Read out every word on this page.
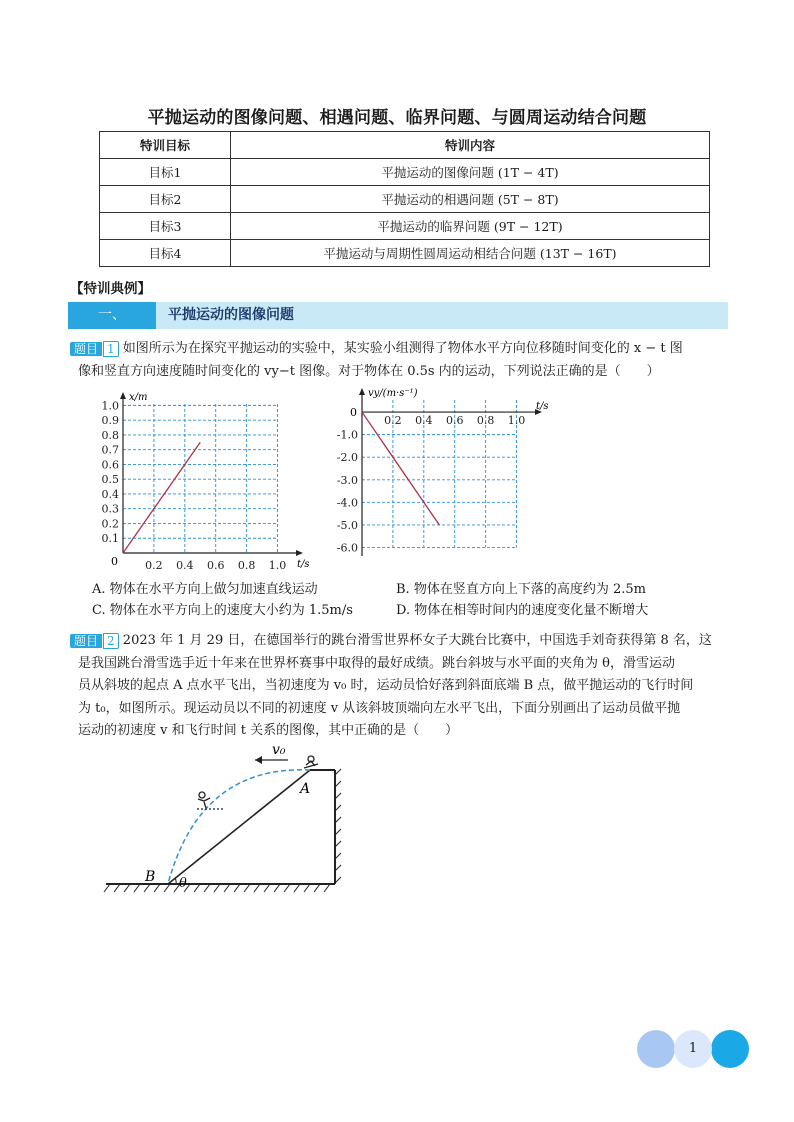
平抛运动的图像问题、相遇问题、临界问题、与圆周运动结合问题
特训目标	特训内容
目标1	平抛运动的图像问题 (1T − 4T)
目标2	平抛运动的相遇问题 (5T − 8T)
目标3	平抛运动的临界问题 (9T − 12T)
目标4	平抛运动与周期性圆周运动相结合问题 (13T − 16T)
【特训典例】
一、	平抛运动的图像问题
题目 1 如图所示为在探究平抛运动的实验中，某实验小组测得了物体水平方向位移随时间变化的 x − t 图
像和竖直方向速度随时间变化的 vy−t 图像。对于物体在 0.5s 内的运动，下列说法正确的是（　　）
0.2 0.4 0.6 0.8 1.0
0.1
0.2
0.3
0.4
0.5
0.6
0.7
0.8
0.9
1.0
t/s
x/m
0
0.2 0.4 0.6 0.8 1.0
-1.0
-2.0
-3.0
-4.0
-5.0
-6.0
t/s
vy/(m·s⁻¹)
0
A. 物体在水平方向上做匀加速直线运动	B. 物体在竖直方向上下落的高度约为 2.5m
C. 物体在水平方向上的速度大小约为 1.5m/s	D. 物体在相等时间内的速度变化量不断增大
题目 2 2023 年 1 月 29 日，在德国举行的跳台滑雪世界杯女子大跳台比赛中，中国选手刘奇获得第 8 名，这
是我国跳台滑雪选手近十年来在世界杯赛事中取得的最好成绩。跳台斜坡与水平面的夹角为 θ，滑雪运动
员从斜坡的起点 A 点水平飞出，当初速度为 v₀ 时，运动员恰好落到斜面底端 B 点，做平抛运动的飞行时间
为 t₀，如图所示。现运动员以不同的初速度 v 从该斜坡顶端向左水平飞出，下面分别画出了运动员做平抛
运动的初速度 v 和飞行时间 t 关系的图像，其中正确的是（　　）
v₀
A
B θ
1
